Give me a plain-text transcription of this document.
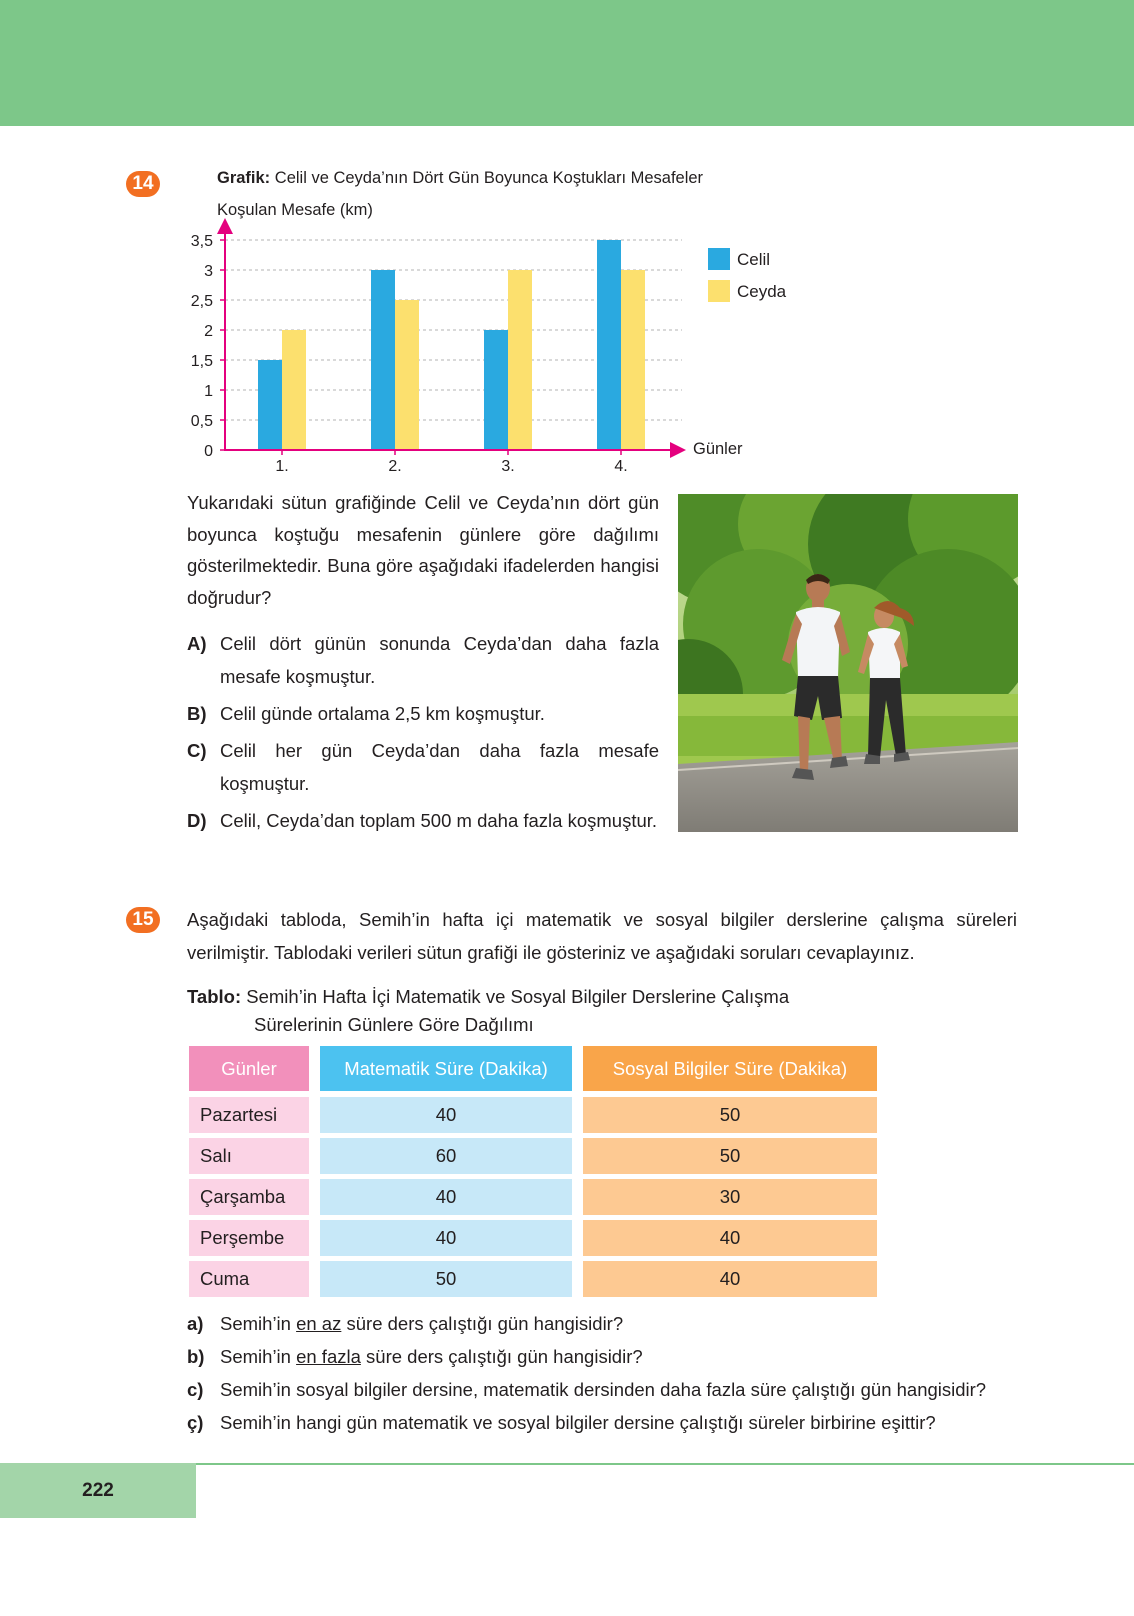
14	Grafik: Celil ve Ceyda’nın Dört Gün Boyunca Koştukları Mesafeler
Koşulan Mesafe (km)
Günler
0
0,5
1
1,5
2
2,5
3
3,5
1.	2.	3.	4.
Celil
Ceyda
Yukarıdaki sütun grafiğinde Celil ve Ceyda’nın dört gün boyunca koştuğu mesafenin günlere göre dağılımı gösterilmektedir. Buna göre aşağıdaki ifadelerden hangisi doğrudur?
A) Celil dört günün sonunda Ceyda’dan daha fazla mesafe koşmuştur.
B) Celil günde ortalama 2,5 km koşmuştur.
C) Celil her gün Ceyda’dan daha fazla mesafe koşmuştur.
D) Celil, Ceyda’dan toplam 500 m daha fazla koşmuştur.
15	Aşağıdaki tabloda, Semih’in hafta içi matematik ve sosyal bilgiler derslerine çalışma süreleri verilmiştir. Tablodaki verileri sütun grafiği ile gösteriniz ve aşağıdaki soruları cevaplayınız.
Tablo: Semih’in Hafta İçi Matematik ve Sosyal Bilgiler Derslerine Çalışma
Sürelerinin Günlere Göre Dağılımı
Günler	Matematik Süre (Dakika)	Sosyal Bilgiler Süre (Dakika)
Pazartesi	40	50
Salı	60	50
Çarşamba	40	30
Perşembe	40	40
Cuma	50	40
a) Semih’in en az süre ders çalıştığı gün hangisidir?
b) Semih’in en fazla süre ders çalıştığı gün hangisidir?
c) Semih’in sosyal bilgiler dersine, matematik dersinden daha fazla süre çalıştığı gün hangisidir?
ç) Semih’in hangi gün matematik ve sosyal bilgiler dersine çalıştığı süreler birbirine eşittir?
222
